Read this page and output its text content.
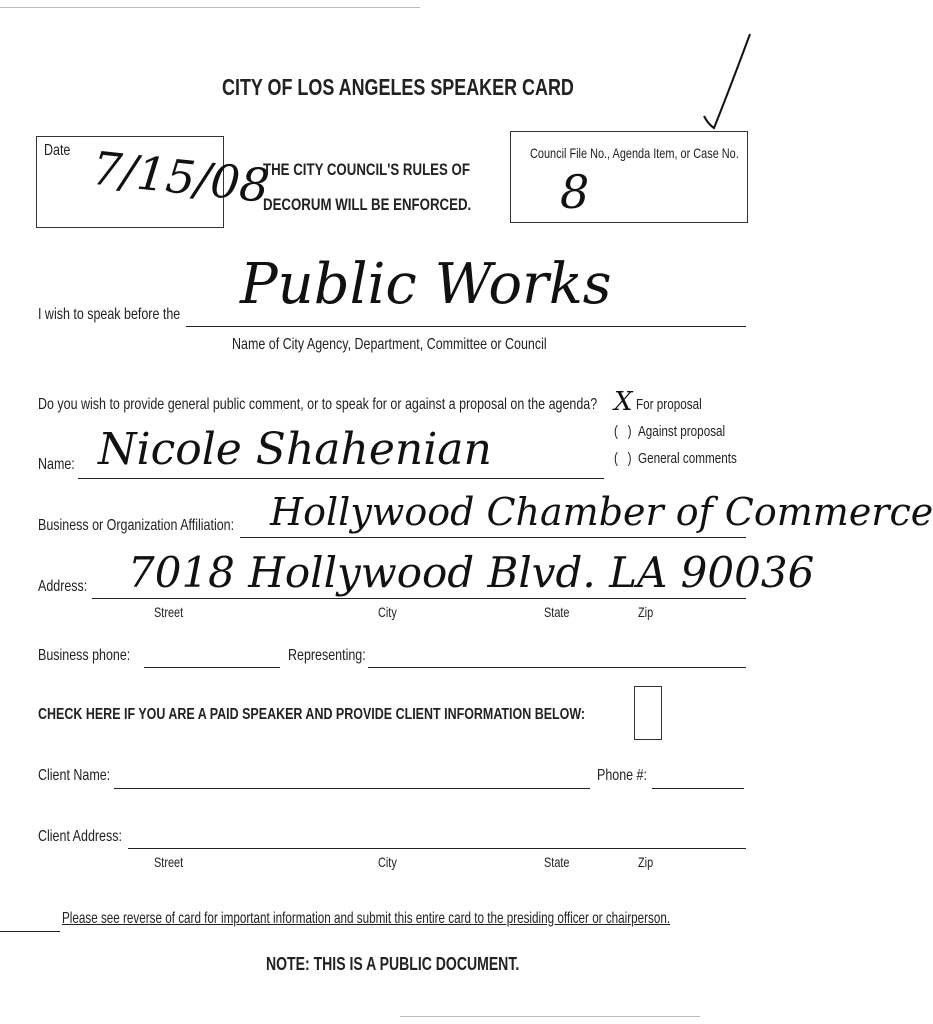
CITY OF LOS ANGELES SPEAKER CARD
Date 7/15/08
THE CITY COUNCIL'S RULES OF
DECORUM WILL BE ENFORCED.
Council File No., Agenda Item, or Case No.
8
I wish to speak before the Public Works
Name of City Agency, Department, Committee or Council
Do you wish to provide general public comment, or to speak for or against a proposal on the agenda? X For proposal
(   ) Against proposal
(   ) General comments
Name: Nicole Shahenian
Business or Organization Affiliation: Hollywood Chamber of Commerce
Address: 7018 Hollywood Blvd. LA 90036
Street	City	State	Zip
Business phone:	Representing:
CHECK HERE IF YOU ARE A PAID SPEAKER AND PROVIDE CLIENT INFORMATION BELOW:
Client Name:	Phone #:
Client Address:
Street	City	State	Zip
Please see reverse of card for important information and submit this entire card to the presiding officer or chairperson.
NOTE: THIS IS A PUBLIC DOCUMENT.
